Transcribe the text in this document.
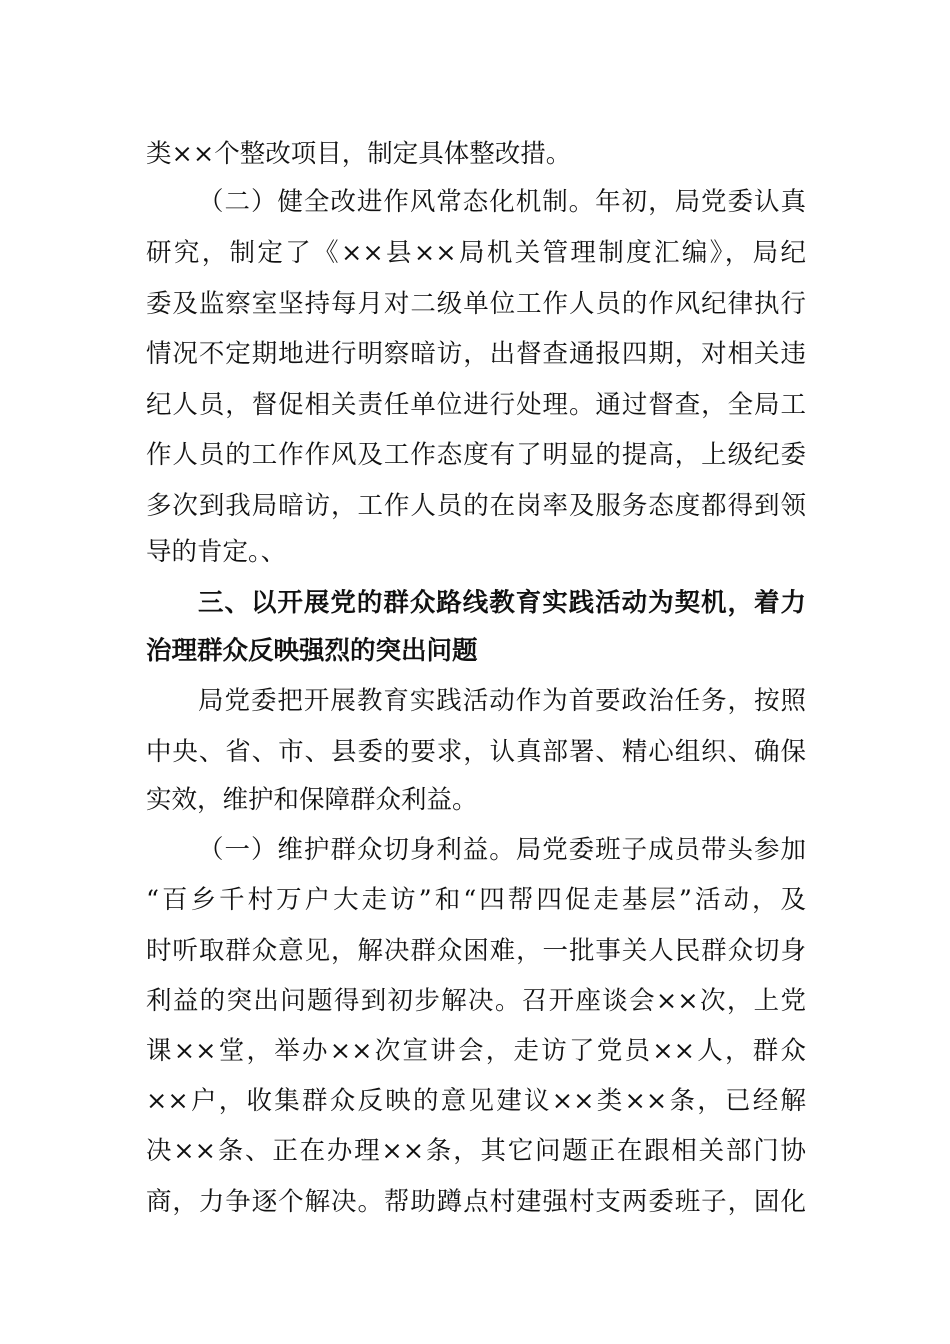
类××个整改项目，制定具体整改措。
（二）健全改进作风常态化机制。年初，局党委认真
研究，制定了《××县××局机关管理制度汇编》，局纪
委及监察室坚持每月对二级单位工作人员的作风纪律执行
情况不定期地进行明察暗访，出督查通报四期，对相关违
纪人员，督促相关责任单位进行处理。通过督查，全局工
作人员的工作作风及工作态度有了明显的提高，上级纪委
多次到我局暗访，工作人员的在岗率及服务态度都得到领
导的肯定。、
三、以开展党的群众路线教育实践活动为契机，着力
治理群众反映强烈的突出问题
局党委把开展教育实践活动作为首要政治任务，按照
中央、省、市、县委的要求，认真部署、精心组织、确保
实效，维护和保障群众利益。
（一）维护群众切身利益。局党委班子成员带头参加
“百乡千村万户大走访”和“四帮四促走基层”活动，及
时听取群众意见，解决群众困难，一批事关人民群众切身
利益的突出问题得到初步解决。召开座谈会××次，上党
课××堂，举办××次宣讲会，走访了党员××人，群众
××户，收集群众反映的意见建议××类××条，已经解
决××条、正在办理××条，其它问题正在跟相关部门协
商，力争逐个解决。帮助蹲点村建强村支两委班子，固化
